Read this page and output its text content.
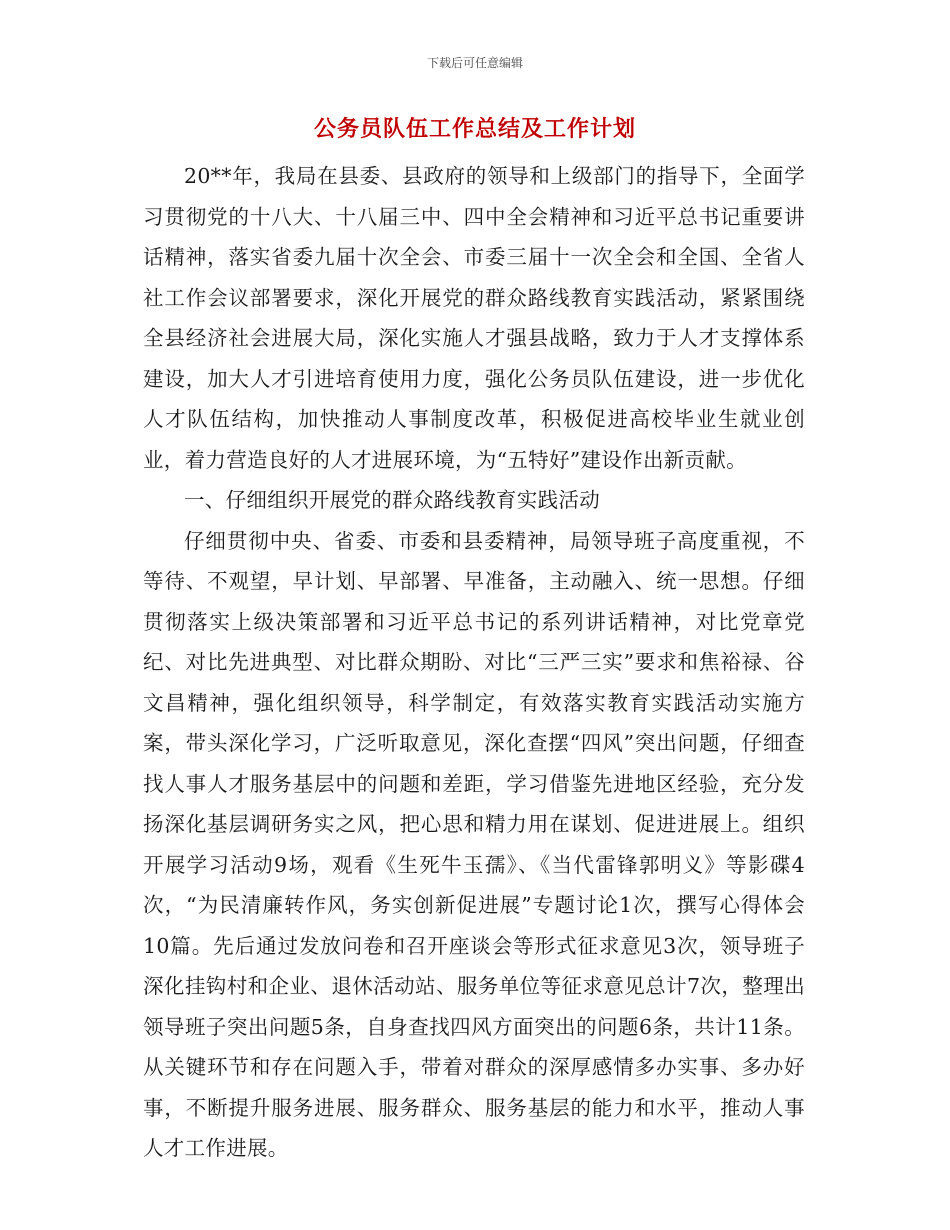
下载后可任意编辑
公务员队伍工作总结及工作计划

20**年，我局在县委、县政府的领导和上级部门的指导下，全面学习贯彻党的十八大、十八届三中、四中全会精神和习近平总书记重要讲话精神，落实省委九届十次全会、市委三届十一次全会和全国、全省人社工作会议部署要求，深化开展党的群众路线教育实践活动，紧紧围绕全县经济社会进展大局，深化实施人才强县战略，致力于人才支撑体系建设，加大人才引进培育使用力度，强化公务员队伍建设，进一步优化人才队伍结构，加快推动人事制度改革，积极促进高校毕业生就业创业，着力营造良好的人才进展环境，为“五特好”建设作出新贡献。

一、仔细组织开展党的群众路线教育实践活动

仔细贯彻中央、省委、市委和县委精神，局领导班子高度重视，不等待、不观望，早计划、早部署、早准备，主动融入、统一思想。仔细贯彻落实上级决策部署和习近平总书记的系列讲话精神，对比党章党纪、对比先进典型、对比群众期盼、对比“三严三实”要求和焦裕禄、谷文昌精神，强化组织领导，科学制定，有效落实教育实践活动实施方案，带头深化学习，广泛听取意见，深化查摆“四风”突出问题，仔细查找人事人才服务基层中的问题和差距，学习借鉴先进地区经验，充分发扬深化基层调研务实之风，把心思和精力用在谋划、促进进展上。组织开展学习活动9场，观看《生死牛玉孺》、《当代雷锋郭明义》等影碟4次，“为民清廉转作风，务实创新促进展”专题讨论1次，撰写心得体会10篇。先后通过发放问卷和召开座谈会等形式征求意见3次，领导班子深化挂钩村和企业、退休活动站、服务单位等征求意见总计7次，整理出领导班子突出问题5条，自身查找四风方面突出的问题6条，共计11条。从关键环节和存在问题入手，带着对群众的深厚感情多办实事、多办好事，不断提升服务进展、服务群众、服务基层的能力和水平，推动人事人才工作进展。
